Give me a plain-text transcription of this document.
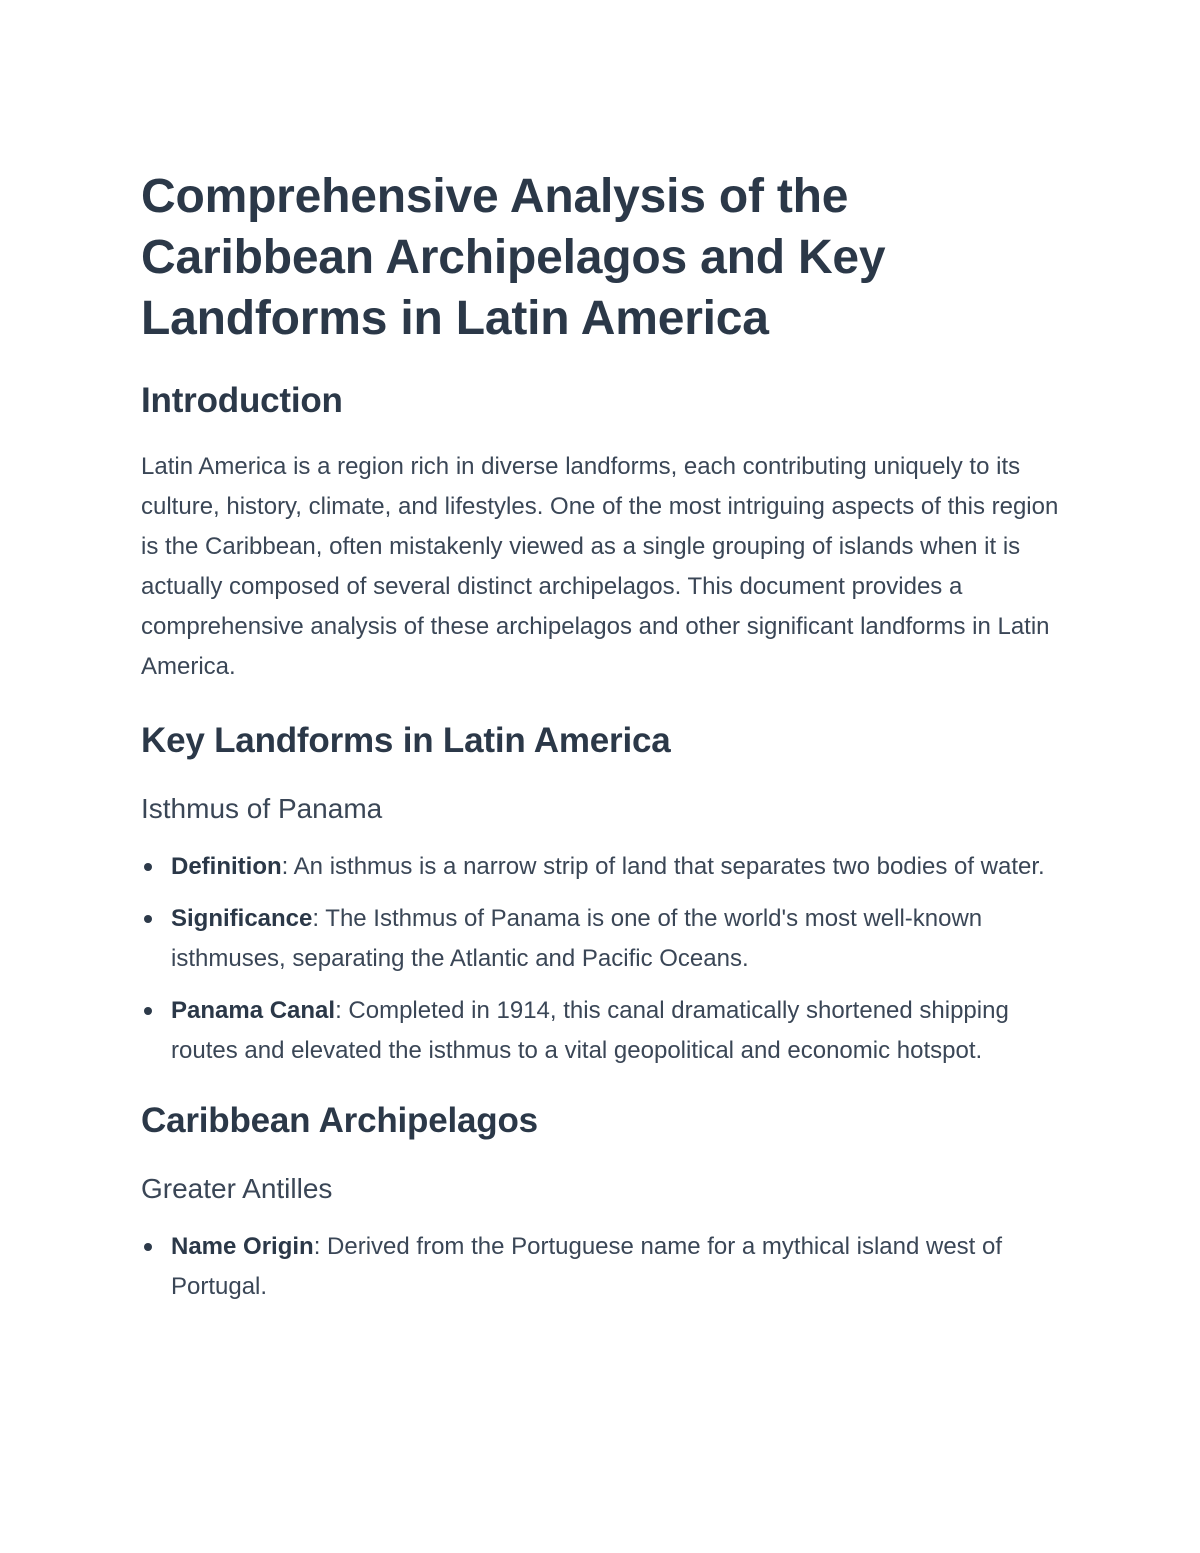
Comprehensive Analysis of the Caribbean Archipelagos and Key Landforms in Latin America
Introduction

Latin America is a region rich in diverse landforms, each contributing uniquely to its culture, history, climate, and lifestyles. One of the most intriguing aspects of this region is the Caribbean, often mistakenly viewed as a single grouping of islands when it is actually composed of several distinct archipelagos. This document provides a comprehensive analysis of these archipelagos and other significant landforms in Latin America.

Key Landforms in Latin America
Isthmus of Panama
Definition: An isthmus is a narrow strip of land that separates two bodies of water.
Significance: The Isthmus of Panama is one of the world's most well-known isthmuses, separating the Atlantic and Pacific Oceans.
Panama Canal: Completed in 1914, this canal dramatically shortened shipping routes and elevated the isthmus to a vital geopolitical and economic hotspot.
Caribbean Archipelagos
Greater Antilles
Name Origin: Derived from the Portuguese name for a mythical island west of Portugal.
